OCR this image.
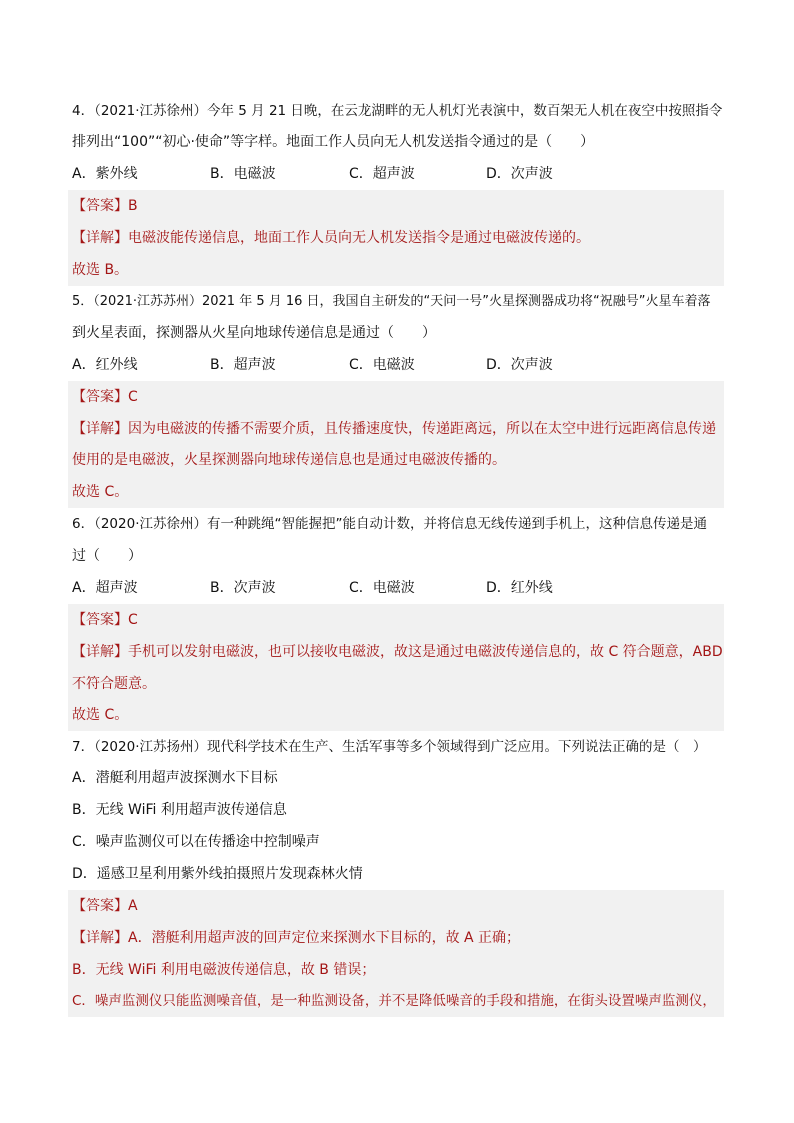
4．（2021·江苏徐州）今年 5 月 21 日晚，在云龙湖畔的无人机灯光表演中，数百架无人机在夜空中按照指令
排列出“100”“初心·使命”等字样。地面工作人员向无人机发送指令通过的是（　　）
A．紫外线	B．电磁波	C．超声波	D．次声波
【答案】B
【详解】电磁波能传递信息，地面工作人员向无人机发送指令是通过电磁波传递的。
故选 B。
5．（2021·江苏苏州）2021 年 5 月 16 日，我国自主研发的“天问一号”火星探测器成功将“祝融号”火星车着落
到火星表面，探测器从火星向地球传递信息是通过（　　）
A．红外线	B．超声波	C．电磁波	D．次声波
【答案】C
【详解】因为电磁波的传播不需要介质，且传播速度快，传递距离远，所以在太空中进行远距离信息传递
使用的是电磁波，火星探测器向地球传递信息也是通过电磁波传播的。
故选 C。
6．（2020·江苏徐州）有一种跳绳“智能握把”能自动计数，并将信息无线传递到手机上，这种信息传递是通
过（　　）
A．超声波	B．次声波	C．电磁波	D．红外线
【答案】C
【详解】手机可以发射电磁波，也可以接收电磁波，故这是通过电磁波传递信息的，故 C 符合题意，ABD
不符合题意。
故选 C。
7．（2020·江苏扬州）现代科学技术在生产、生活军事等多个领域得到广泛应用。下列说法正确的是（　）
A．潜艇利用超声波探测水下目标
B．无线 WiFi 利用超声波传递信息
C．噪声监测仪可以在传播途中控制噪声
D．遥感卫星利用紫外线拍摄照片发现森林火情
【答案】A
【详解】A．潜艇利用超声波的回声定位来探测水下目标的，故 A 正确；
B．无线 WiFi 利用电磁波传递信息，故 B 错误；
C．噪声监测仪只能监测噪音值，是一种监测设备，并不是降低噪音的手段和措施，在街头设置噪声监测仪，
